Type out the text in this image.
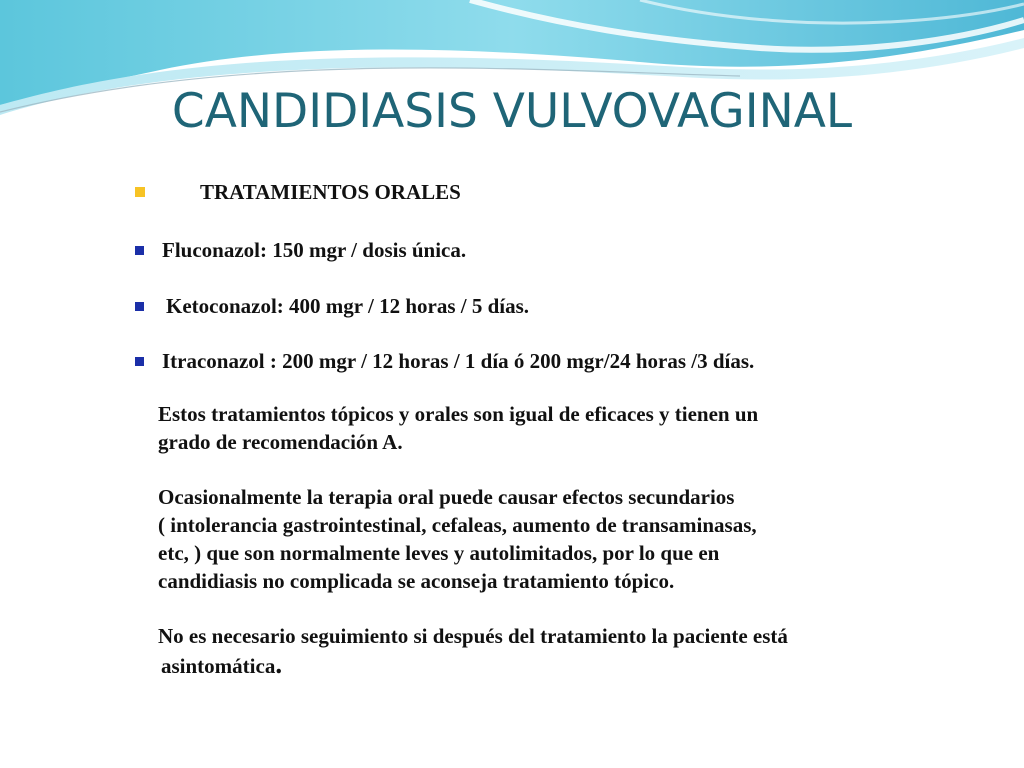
CANDIDIASIS VULVOVAGINAL
TRATAMIENTOS ORALES
Fluconazol: 150 mgr / dosis única.
Ketoconazol: 400 mgr / 12 horas / 5 días.
Itraconazol : 200 mgr / 12 horas / 1 día ó 200 mgr/24 horas /3 días.
Estos tratamientos tópicos y orales son igual de eficaces y tienen un
grado de recomendación A.
Ocasionalmente la terapia oral puede causar efectos secundarios
( intolerancia gastrointestinal, cefaleas, aumento de transaminasas,
etc, ) que son normalmente leves y autolimitados, por lo que en
candidiasis no complicada se aconseja tratamiento tópico.
No es necesario seguimiento si después del tratamiento la paciente está
asintomática.
